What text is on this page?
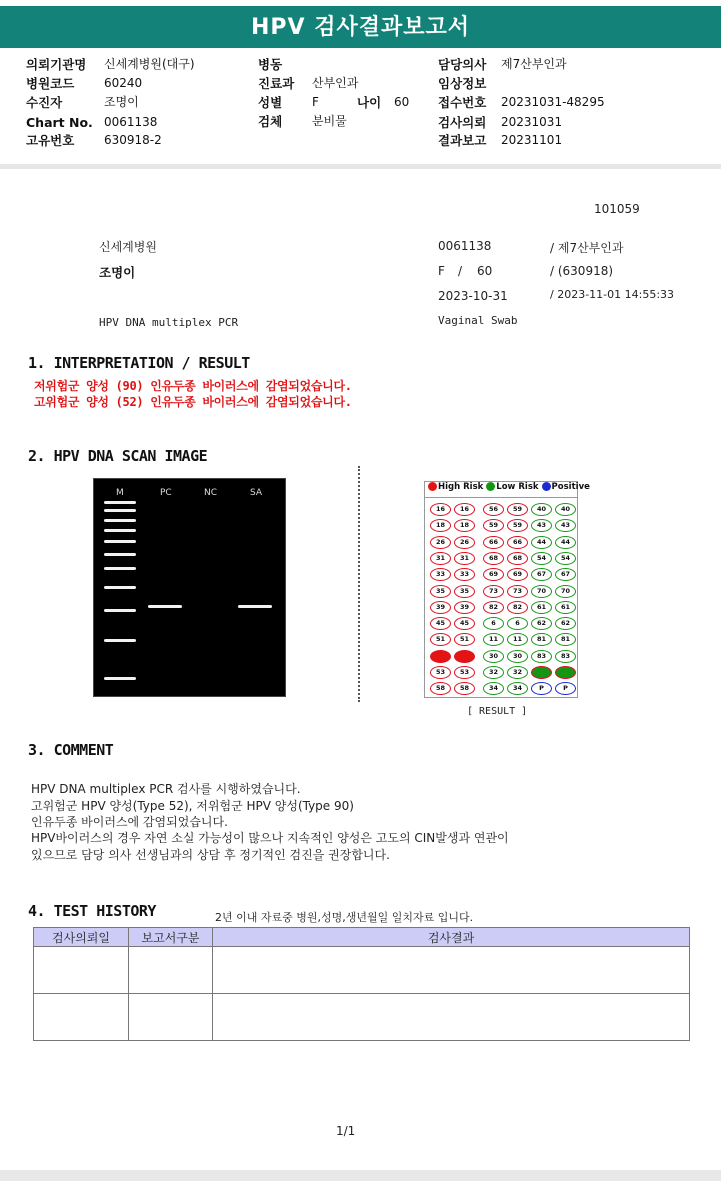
HPV 검사결과보고서
의뢰기관명 신세계병원(대구)
병원코드 60240
수진자	조명이
Chart No. 0061138
고유번호 630918-2
병동
진료과 산부인과
성별 F	나이 60
검체 분비물
담당의사 제7산부인과
임상정보
접수번호 20231031-48295
검사의뢰 20231031
결과보고 20231101
101059
신세계병원
조명이
HPV DNA multiplex PCR
0061138	/ 제7산부인과
F / 60	/ (630918)
2023-10-31	/ 2023-11-01 14:55:33
Vaginal Swab
1. INTERPRETATION / RESULT
저위험군 양성 (90) 인유두종 바이러스에 감염되었습니다.
고위험군 양성 (52) 인유두종 바이러스에 감염되었습니다.
2. HPV DNA SCAN IMAGE
M	PC	NC	SA
High Risk Low Risk Positive
16	16	56	59	40	40
18	18	59	59	43	43
26	26	66	66	44	44
31	31	68	68	54	54
33	33	69	69	67	67
35	35	73	73	70	70
39	39	82	82	61	61
45	45	6	6	62	62
51	51	11	11	81	81
52	52	30	30	83	83
53	53	32	32	90	90
58	58	34	34	P	P
[ RESULT ]
3. COMMENT
HPV DNA multiplex PCR 검사를 시행하였습니다.
고위험군 HPV 양성(Type 52), 저위험군 HPV 양성(Type 90)
인유두종 바이러스에 감염되었습니다.
HPV바이러스의 경우 자연 소실 가능성이 많으나 지속적인 양성은 고도의 CIN발생과 연관이
있으므로 담당 의사 선생님과의 상담 후 정기적인 검진을 권장합니다.
4. TEST HISTORY	2년 이내 자료중 병원,성명,생년월일 일치자료 입니다.
검사의뢰일	보고서구분	검사결과

1/1
